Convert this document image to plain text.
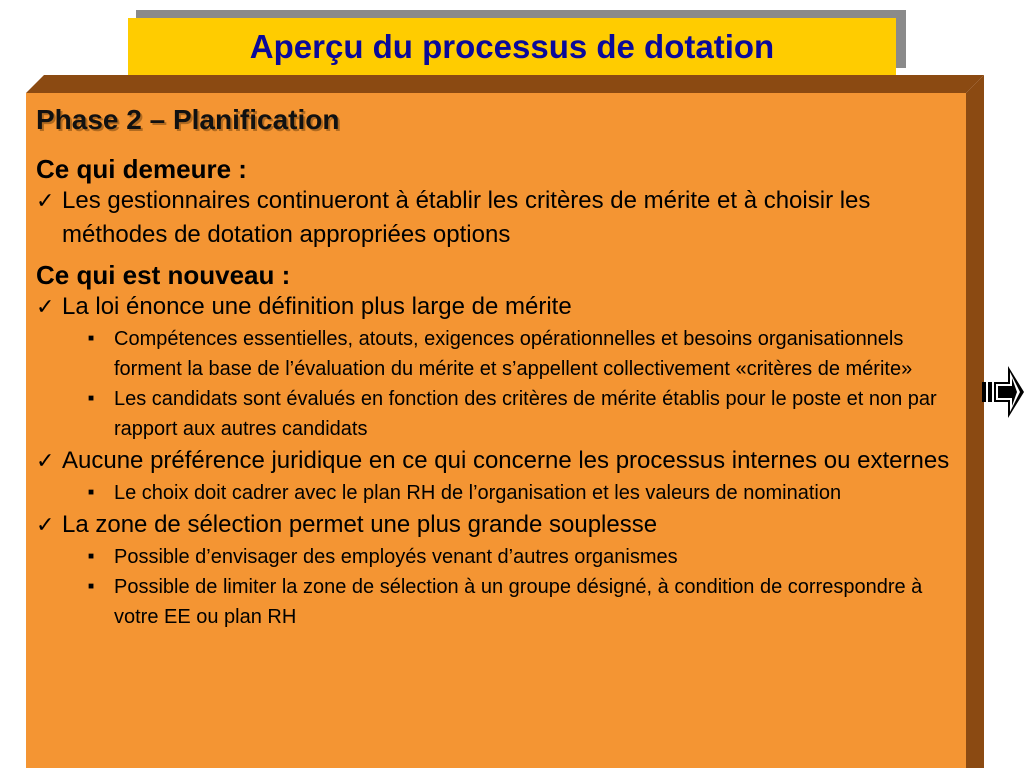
Aperçu du processus de dotation
Phase 2 – Planification
Ce qui demeure :
✓ Les gestionnaires continueront à établir les critères de mérite et à choisir les méthodes de dotation appropriées options
Ce qui est nouveau :
✓ La loi énonce une définition plus large de mérite
■ Compétences essentielles, atouts, exigences opérationnelles et besoins organisationnels forment la base de l’évaluation du mérite et s’appellent collectivement «critères de mérite»
■ Les candidats sont évalués en fonction des critères de mérite établis pour le poste et non par rapport aux autres candidats
✓ Aucune préférence juridique en ce qui concerne les processus internes ou externes
■ Le choix doit cadrer avec le plan RH de l’organisation et les valeurs de nomination
✓ La zone de sélection permet une plus grande souplesse
■ Possible d’envisager des employés venant d’autres organismes
■ Possible de limiter la zone de sélection à un groupe désigné, à condition de correspondre à votre EE ou plan RH
